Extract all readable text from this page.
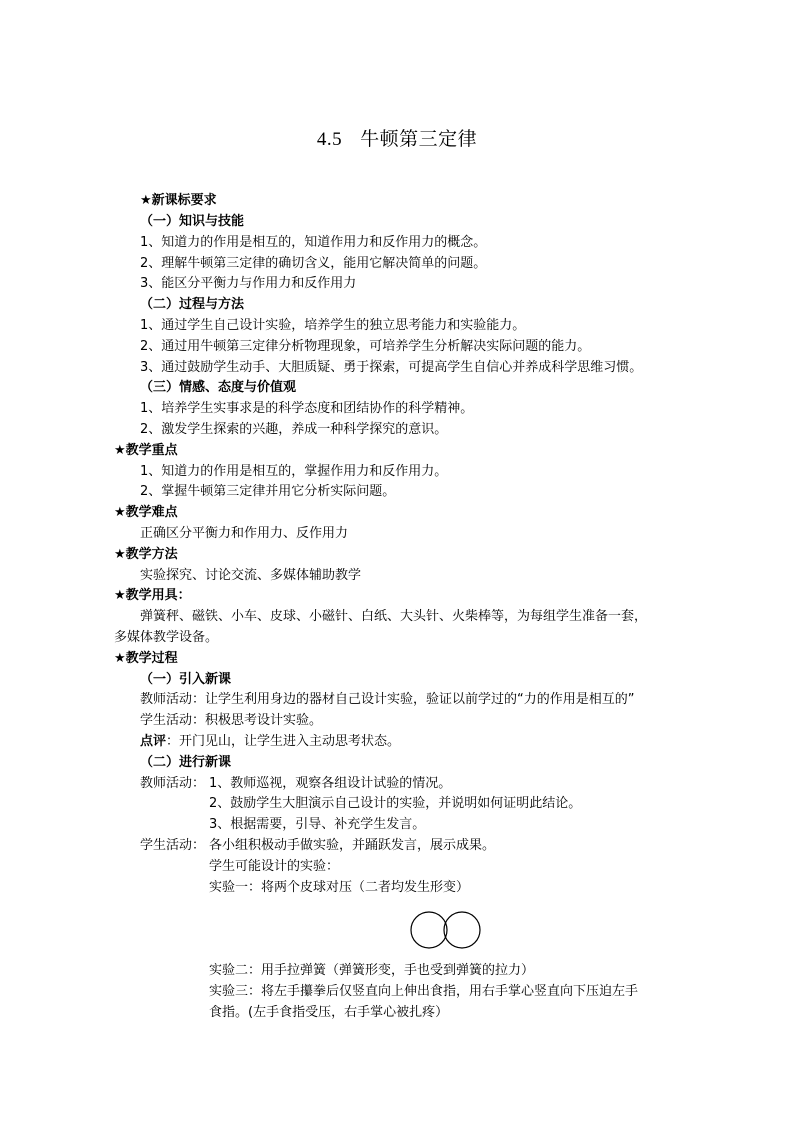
4.5 牛顿第三定律
★新课标要求
（一）知识与技能
1、知道力的作用是相互的，知道作用力和反作用力的概念。
2、理解牛顿第三定律的确切含义，能用它解决简单的问题。
3、能区分平衡力与作用力和反作用力
（二）过程与方法
1、通过学生自己设计实验，培养学生的独立思考能力和实验能力。
2、通过用牛顿第三定律分析物理现象，可培养学生分析解决实际问题的能力。
3、通过鼓励学生动手、大胆质疑、勇于探索，可提高学生自信心并养成科学思维习惯。
（三）情感、态度与价值观
1、培养学生实事求是的科学态度和团结协作的科学精神。
2、激发学生探索的兴趣，养成一种科学探究的意识。
★教学重点
1、知道力的作用是相互的，掌握作用力和反作用力。
2、掌握牛顿第三定律并用它分析实际问题。
★教学难点
正确区分平衡力和作用力、反作用力
★教学方法
实验探究、讨论交流、多媒体辅助教学
★教学用具：
弹簧秤、磁铁、小车、皮球、小磁针、白纸、大头针、火柴棒等，为每组学生准备一套，
多媒体教学设备。
★教学过程
（一）引入新课
教师活动：让学生利用身边的器材自己设计实验，验证以前学过的“力的作用是相互的”
学生活动：积极思考设计实验。
点评：开门见山，让学生进入主动思考状态。
（二）进行新课
教师活动： 1、教师巡视，观察各组设计试验的情况。
2、鼓励学生大胆演示自己设计的实验，并说明如何证明此结论。
3、根据需要，引导、补充学生发言。
学生活动： 各小组积极动手做实验，并踊跃发言，展示成果。
学生可能设计的实验：
实验一：将两个皮球对压（二者均发生形变）
实验二：用手拉弹簧（弹簧形变，手也受到弹簧的拉力）
实验三：将左手攥拳后仅竖直向上伸出食指，用右手掌心竖直向下压迫左手
食指。(左手食指受压，右手掌心被扎疼）
